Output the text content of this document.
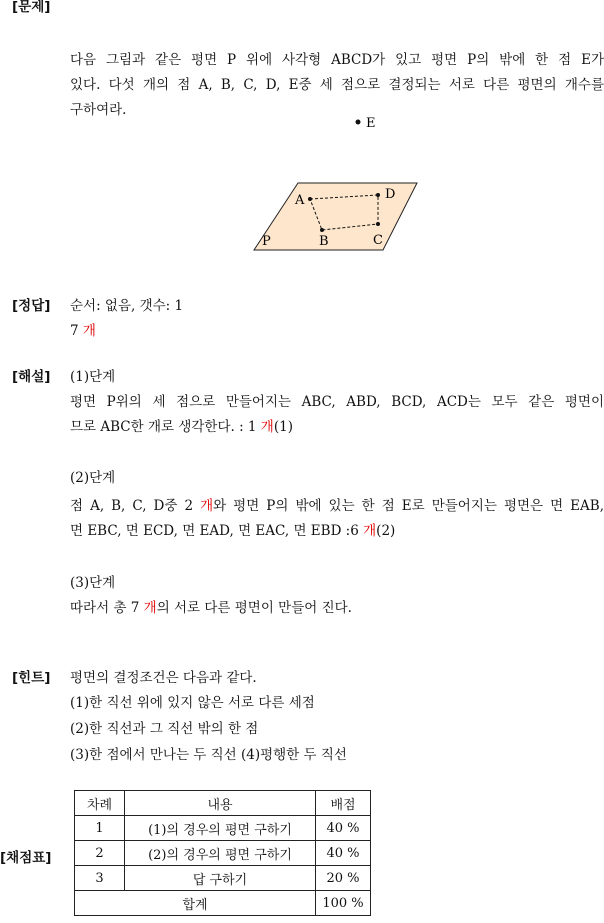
[문제]
다음 그림과 같은 평면 P 위에 사각형 ABCD가 있고 평면 P의 밖에 한 점 E가
있다. 다섯 개의 점 A, B, C, D, E중 세 점으로 결정되는 서로 다른 평면의 개수를
구하여라.
E
P
A	D
C
B
[정답] 순서: 없음, 갯수: 1
7 개
[해설] (1)단계
평면 P위의 세 점으로 만들어지는 ABC, ABD, BCD, ACD는 모두 같은 평면이
므로 ABC한 개로 생각한다. : 1 개(1)
(2)단계
점 A, B, C, D중 2 개와 평면 P의 밖에 있는 한 점 E로 만들어지는 평면은 면 EAB,
면 EBC, 면 ECD, 면 EAD, 면 EAC, 면 EBD :6 개(2)
(3)단계
따라서 총 7 개의 서로 다른 평면이 만들어 진다.
[힌트] 평면의 결정조건은 다음과 같다.
(1)한 직선 위에 있지 않은 서로 다른 세점
(2)한 직선과 그 직선 밖의 한 점
(3)한 점에서 만나는 두 직선 (4)평행한 두 직선
[채점표]
차례	내용	배점
1	(1)의 경우의 평면 구하기	40 %
2	(2)의 경우의 평면 구하기	40 %
3	답 구하기	20 %
합계		100 %
